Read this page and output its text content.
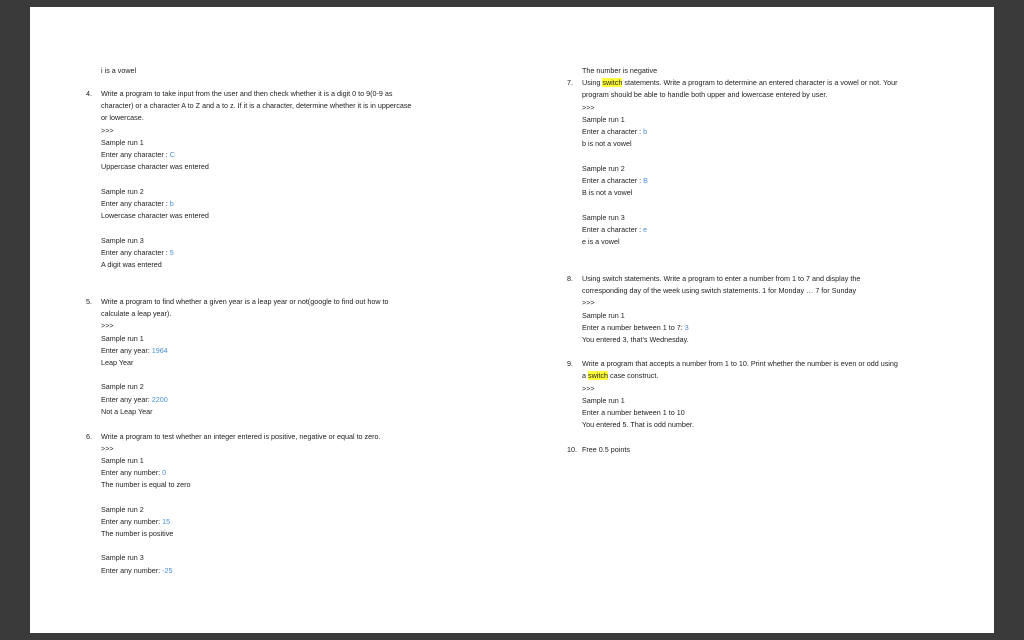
i is a vowel
4. Write a program to take input from the user and then check whether it is a digit 0 to 9(0-9 as
character) or a character A to Z and a to z. If it is a character, determine whether it is in uppercase
or lowercase.
>>>
Sample run 1
Enter any character : C
Uppercase character was entered
Sample run 2
Enter any character : b
Lowercase character was entered
Sample run 3
Enter any character : 5
A digit was entered
5. Write a program to find whether a given year is a leap year or not(google to find out how to
calculate a leap year).
>>>
Sample run 1
Enter any year: 1964
Leap Year
Sample run 2
Enter any year: 2200
Not a Leap Year
6. Write a program to test whether an integer entered is positive, negative or equal to zero.
>>>
Sample run 1
Enter any number: 0
The number is equal to zero
Sample run 2
Enter any number: 15
The number is positive
Sample run 3
Enter any number: -25
The number is negative
7. Using switch statements. Write a program to determine an entered character is a vowel or not. Your
program should be able to handle both upper and lowercase entered by user.
>>>
Sample run 1
Enter a character : b
b is not a vowel
Sample run 2
Enter a character : B
B is not a vowel
Sample run 3
Enter a character : e
e is a vowel
8. Using switch statements. Write a program to enter a number from 1 to 7 and display the
corresponding day of the week using switch statements. 1 for Monday … 7 for Sunday
>>>
Sample run 1
Enter a number between 1 to 7: 3
You entered 3, that's Wednesday.
9. Write a program that accepts a number from 1 to 10. Print whether the number is even or odd using
a switch case construct.
>>>
Sample run 1
Enter a number between 1 to 10
You entered 5. That is odd number.
10. Free 0.5 points
